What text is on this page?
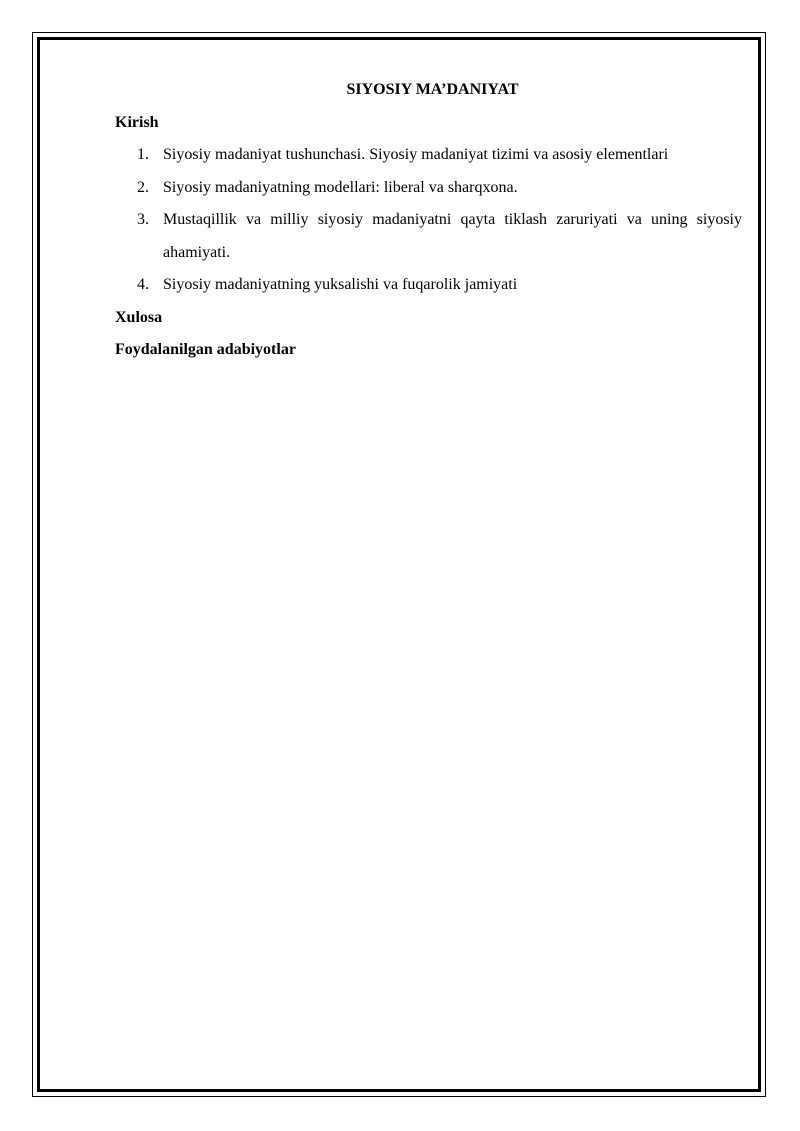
SIYOSIY MA’DANIYAT

Kirish

1. Siyosiy madaniyat tushunchasi. Siyosiy madaniyat tizimi va asosiy elementlari
2. Siyosiy madaniyatning modellari: liberal va sharqxona.
3. Mustaqillik va milliy siyosiy madaniyatni qayta tiklash zaruriyati va uning siyosiy ahamiyati.
4. Siyosiy madaniyatning yuksalishi va fuqarolik jamiyati

Xulosa

Foydalanilgan adabiyotlar
